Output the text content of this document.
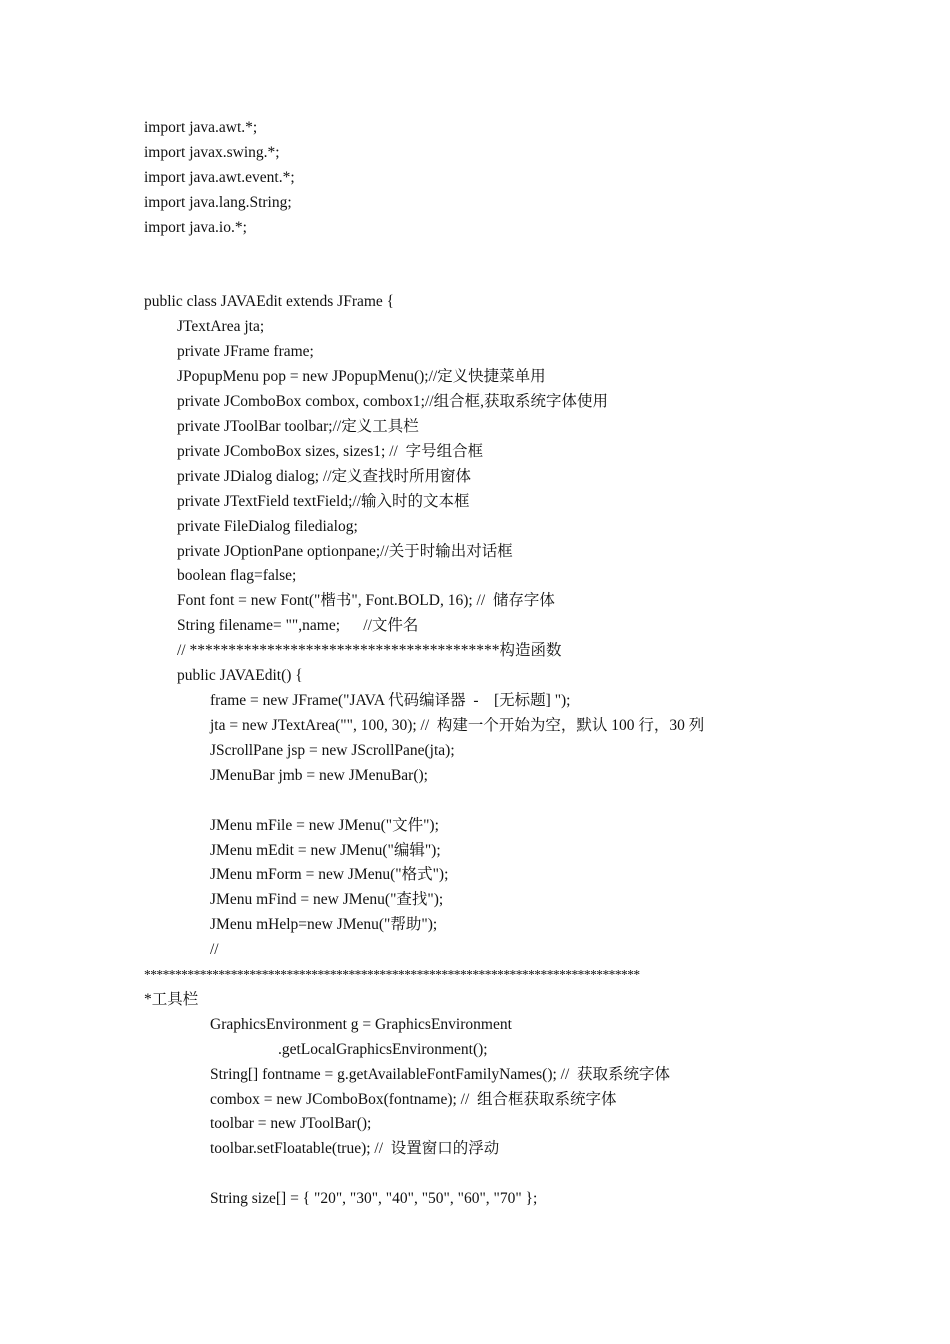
import java.awt.*;
import javax.swing.*;
import java.awt.event.*;
import java.lang.String;
import java.io.*;
public class JAVAEdit extends JFrame {
JTextArea jta;
private JFrame frame;
JPopupMenu pop = new JPopupMenu();//定义快捷菜单用
private JComboBox combox, combox1;//组合框,获取系统字体使用
private JToolBar toolbar;//定义工具栏
private JComboBox sizes, sizes1; //  字号组合框
private JDialog dialog; //定义查找时所用窗体
private JTextField textField;//输入时的文本框
private FileDialog filedialog;
private JOptionPane optionpane;//关于时输出对话框
boolean flag=false;
Font font = new Font("楷书", Font.BOLD, 16); //  储存字体
String filename= "",name;      //文件名
// ****************************************构造函数
public JAVAEdit() {
frame = new JFrame("JAVA 代码编译器  -    [无标题] ");
jta = new JTextArea("", 100, 30); //  构建一个开始为空，默认 100 行，30 列
JScrollPane jsp = new JScrollPane(jta);
JMenuBar jmb = new JMenuBar();
JMenu mFile = new JMenu("文件");
JMenu mEdit = new JMenu("编辑");
JMenu mForm = new JMenu("格式");
JMenu mFind = new JMenu("查找");
JMenu mHelp=new JMenu("帮助");
//
********************************************************************************
*工具栏
GraphicsEnvironment g = GraphicsEnvironment
.getLocalGraphicsEnvironment();
String[] fontname = g.getAvailableFontFamilyNames(); //  获取系统字体
combox = new JComboBox(fontname); //  组合框获取系统字体
toolbar = new JToolBar();
toolbar.setFloatable(true); //  设置窗口的浮动
String size[] = { "20", "30", "40", "50", "60", "70" };
